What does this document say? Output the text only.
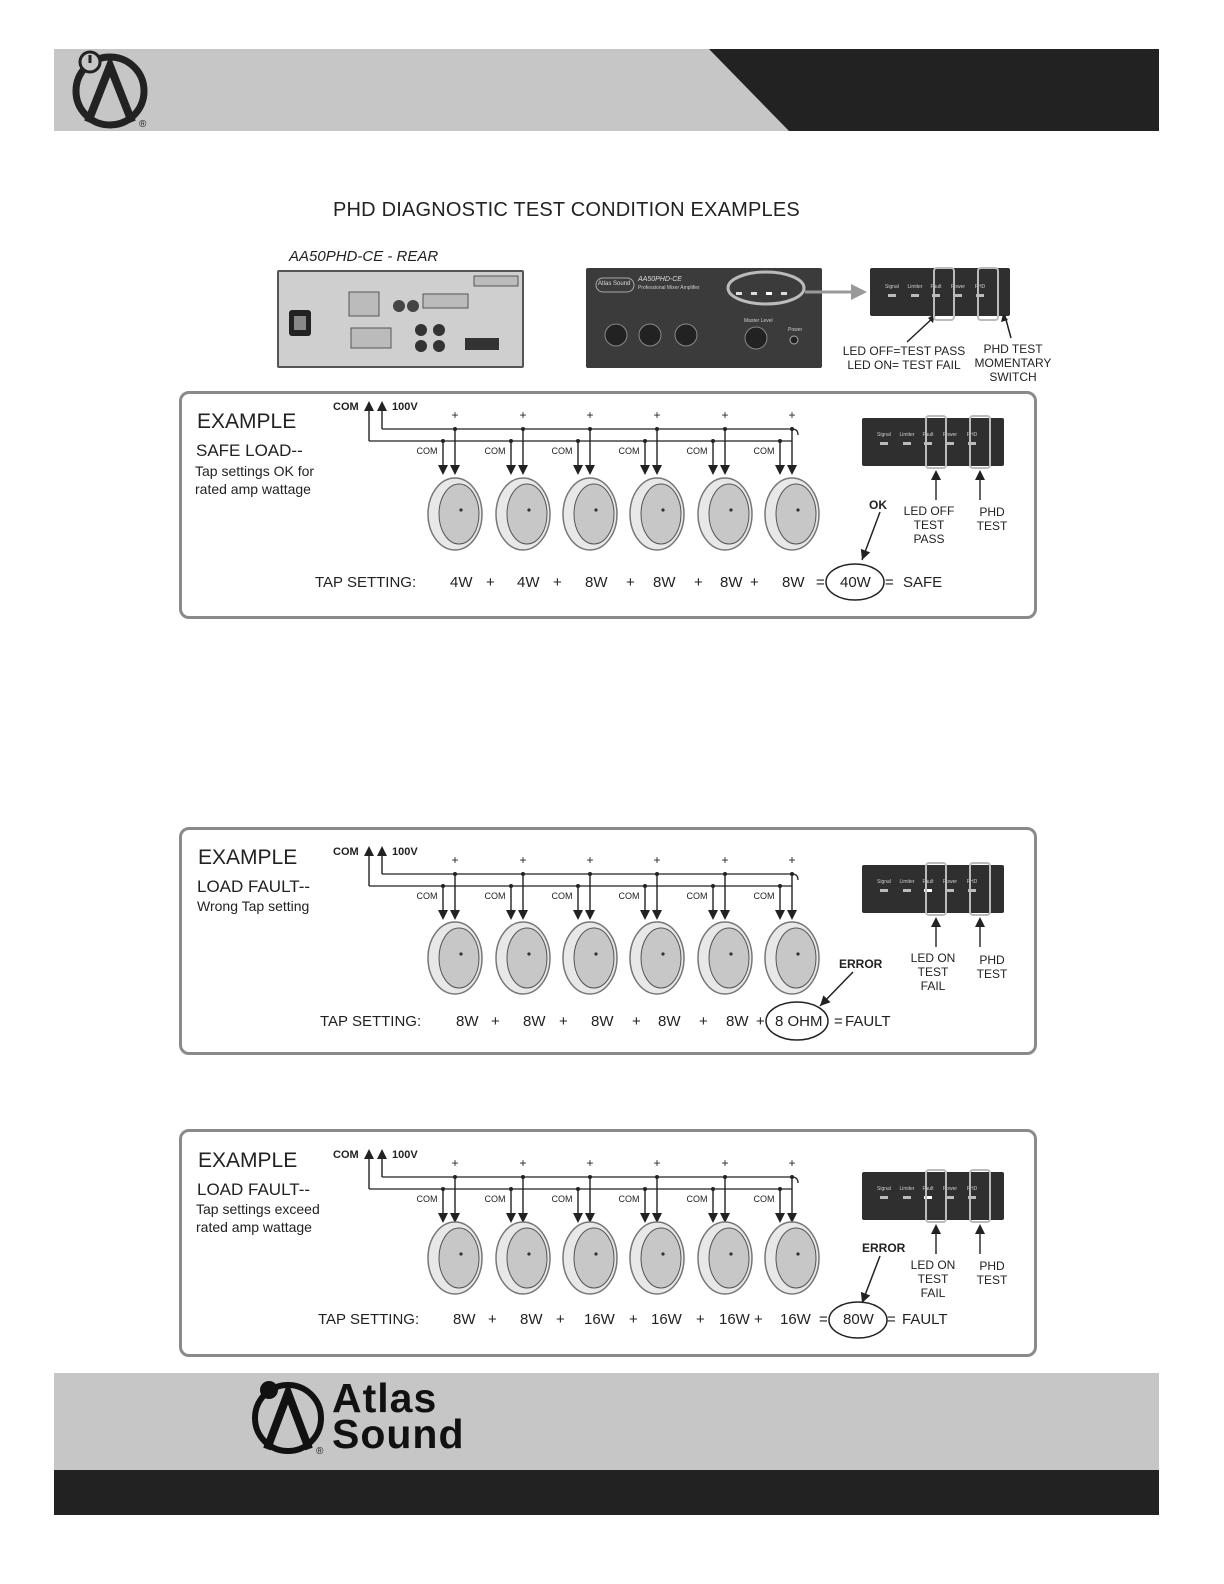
®
PHD DIAGNOSTIC TEST CONDITION EXAMPLES
AA50PHD-CE - REAR
AA50PHD-CE
Professional Mixer Amplifier
Atlas Sound
Master Level
Power
LED OFF=TEST PASS
LED ON= TEST FAIL
PHD TEST
MOMENTARY
SWITCH
EXAMPLE
SAFE LOAD--
Tap settings OK for
rated amp wattage
EXAMPLE
LOAD FAULT--
Wrong Tap setting
EXAMPLE
LOAD FAULT--
Tap settings exceed
rated amp wattage
TAP SETTING:
TAP SETTING:
TAP SETTING:
4W + 4W + 8W + 8W + 8W + 8W = 40W = SAFE
8W + 8W + 8W + 8W + 8W + 8 OHM = FAULT
8W + 8W + 16W + 16W + 16W + 16W = 80W = FAULT
OK
ERROR
ERROR
LED OFF
TEST
PASS
PHD
TEST
LED ON
TEST
FAIL
PHD
TEST
LED ON
TEST
FAIL
PHD
TEST
Signal Limiter Fault Power PHD
COM	100V
+
COM
+
COM
+
COM
+
COM
+
COM
+
COM
Signal Limiter Fault Power PHD
COM	100V
+
COM
+
COM
+
COM
+
COM
+
COM
+
COM
Signal Limiter Fault Power PHD
COM	100V
+
COM
+
COM
+
COM
+
COM
+
COM
+
COM
Signal Limiter Fault Power PHD
®
Atlas
Sound
